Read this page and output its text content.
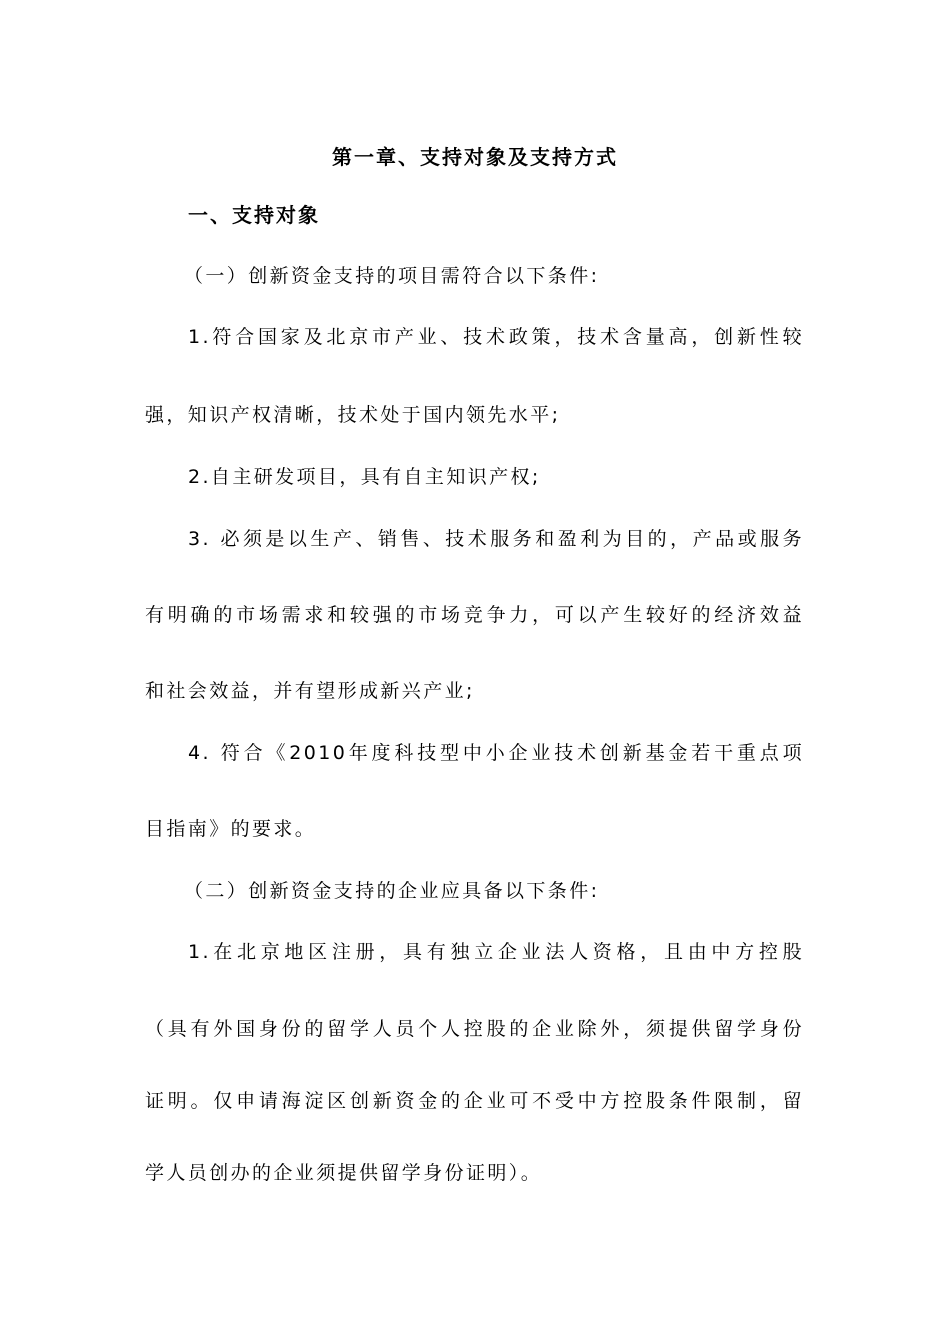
第一章、支持对象及支持方式
一、支持对象
（一）创新资金支持的项目需符合以下条件:
1.符合国家及北京市产业、技术政策，技术含量高，创新性较
强，知识产权清晰，技术处于国内领先水平;
2.自主研发项目，具有自主知识产权;
3. 必须是以生产、销售、技术服务和盈利为目的，产品或服务
有明确的市场需求和较强的市场竞争力，可以产生较好的经济效益
和社会效益，并有望形成新兴产业;
4. 符合《2010年度科技型中小企业技术创新基金若干重点项
目指南》的要求。
（二）创新资金支持的企业应具备以下条件:
1.在北京地区注册，具有独立企业法人资格，且由中方控股
（具有外国身份的留学人员个人控股的企业除外，须提供留学身份
证明。仅申请海淀区创新资金的企业可不受中方控股条件限制，留
学人员创办的企业须提供留学身份证明）。
